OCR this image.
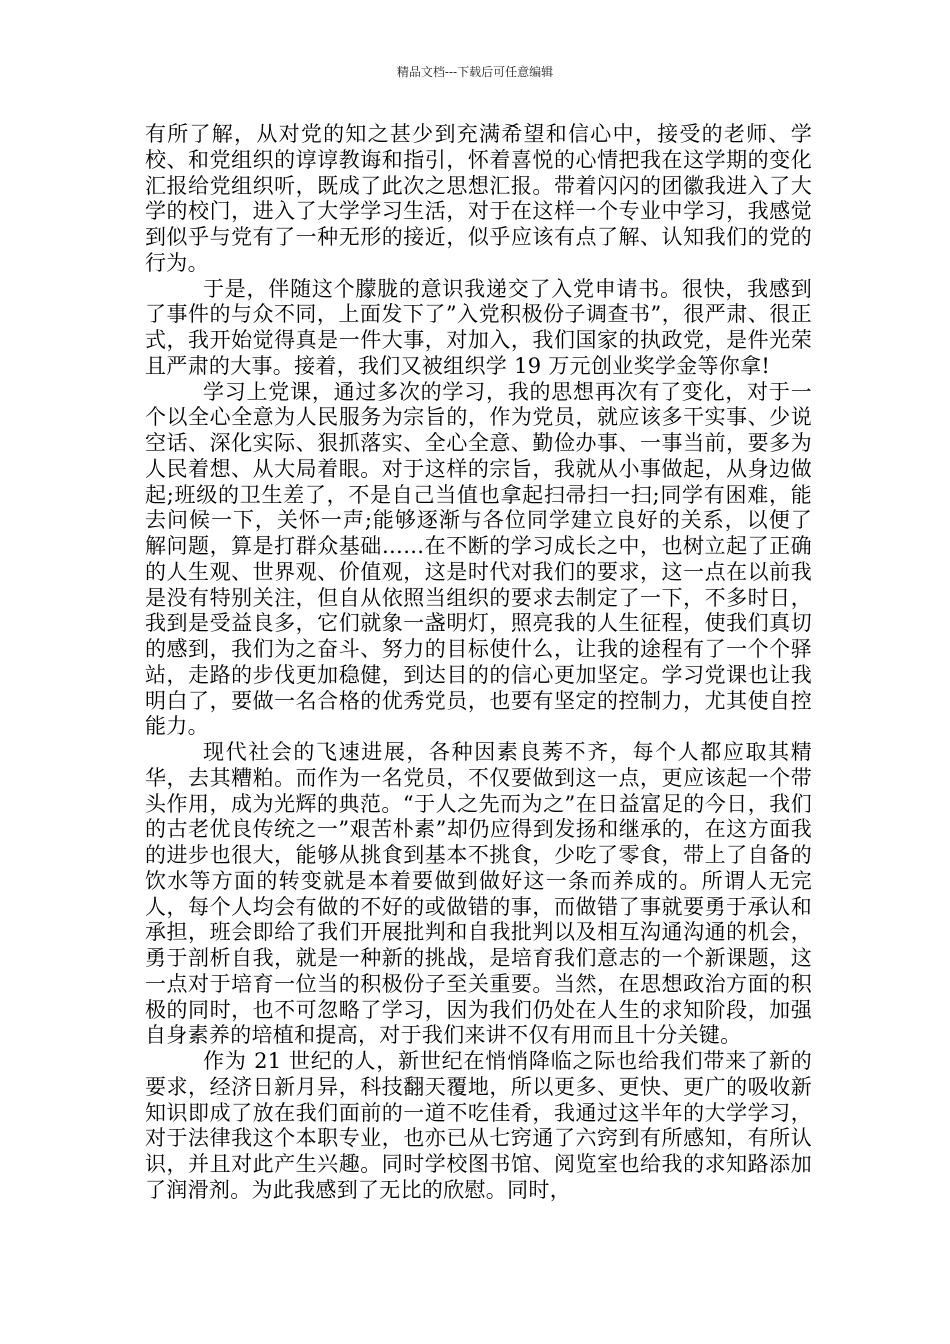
精品文档---下载后可任意编辑

有所了解，从对党的知之甚少到充满希望和信心中，接受的老师、学校、和党组织的谆谆教诲和指引，怀着喜悦的心情把我在这学期的变化汇报给党组织听，既成了此次之思想汇报。带着闪闪的团徽我进入了大学的校门，进入了大学学习生活，对于在这样一个专业中学习，我感觉到似乎与党有了一种无形的接近，似乎应该有点了解、认知我们的党的行为。

于是，伴随这个朦胧的意识我递交了入党申请书。很快，我感到了事件的与众不同，上面发下了”入党积极份子调查书”，很严肃、很正式，我开始觉得真是一件大事，对加入，我们国家的执政党，是件光荣且严肃的大事。接着，我们又被组织学 19 万元创业奖学金等你拿!

学习上党课，通过多次的学习，我的思想再次有了变化，对于一个以全心全意为人民服务为宗旨的，作为党员，就应该多干实事、少说空话、深化实际、狠抓落实、全心全意、勤俭办事、一事当前，要多为人民着想、从大局着眼。对于这样的宗旨，我就从小事做起，从身边做起;班级的卫生差了，不是自己当值也拿起扫帚扫一扫;同学有困难，能去问候一下，关怀一声;能够逐渐与各位同学建立良好的关系，以便了解问题，算是打群众基础……在不断的学习成长之中，也树立起了正确的人生观、世界观、价值观，这是时代对我们的要求，这一点在以前我是没有特别关注，但自从依照当组织的要求去制定了一下，不多时日，我到是受益良多，它们就象一盏明灯，照亮我的人生征程，使我们真切的感到，我们为之奋斗、努力的目标使什么，让我的途程有了一个个驿站，走路的步伐更加稳健，到达目的的信心更加坚定。学习党课也让我明白了，要做一名合格的优秀党员，也要有坚定的控制力，尤其使自控能力。

现代社会的飞速进展，各种因素良莠不齐，每个人都应取其精华，去其糟粕。而作为一名党员，不仅要做到这一点，更应该起一个带头作用，成为光辉的典范。“于人之先而为之”在日益富足的今日，我们的古老优良传统之一”艰苦朴素”却仍应得到发扬和继承的，在这方面我的进步也很大，能够从挑食到基本不挑食，少吃了零食，带上了自备的饮水等方面的转变就是本着要做到做好这一条而养成的。所谓人无完人，每个人均会有做的不好的或做错的事，而做错了事就要勇于承认和承担，班会即给了我们开展批判和自我批判以及相互沟通沟通的机会，勇于剖析自我，就是一种新的挑战，是培育我们意志的一个新课题，这一点对于培育一位当的积极份子至关重要。当然，在思想政治方面的积极的同时，也不可忽略了学习，因为我们仍处在人生的求知阶段，加强自身素养的培植和提高，对于我们来讲不仅有用而且十分关键。

作为 21 世纪的人，新世纪在悄悄降临之际也给我们带来了新的要求，经济日新月异，科技翻天覆地，所以更多、更快、更广的吸收新知识即成了放在我们面前的一道不吃佳肴，我通过这半年的大学学习，对于法律我这个本职专业，也亦已从七窍通了六窍到有所感知，有所认识，并且对此产生兴趣。同时学校图书馆、阅览室也给我的求知路添加了润滑剂。为此我感到了无比的欣慰。同时，
